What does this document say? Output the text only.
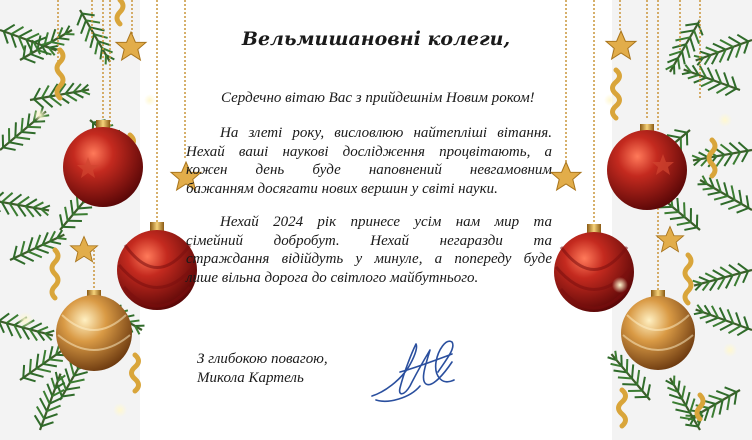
Вельмишановні колеги,
Сердечно вітаю Вас з прийдешнім Новим роком!
На злеті року, висловлюю найтепліші вітання.
Нехай ваші наукові дослідження процвітають, а
кожен день буде наповнений невгамовним
бажанням досягати нових вершин у світі науки.
Нехай 2024 рік принесе усім нам мир та
сімейний добробут. Нехай негаразди та
страждання відійдуть у минуле, а попереду буде
лише вільна дорога до світлого майбутнього.
З глибокою повагою,
Микола Картель
